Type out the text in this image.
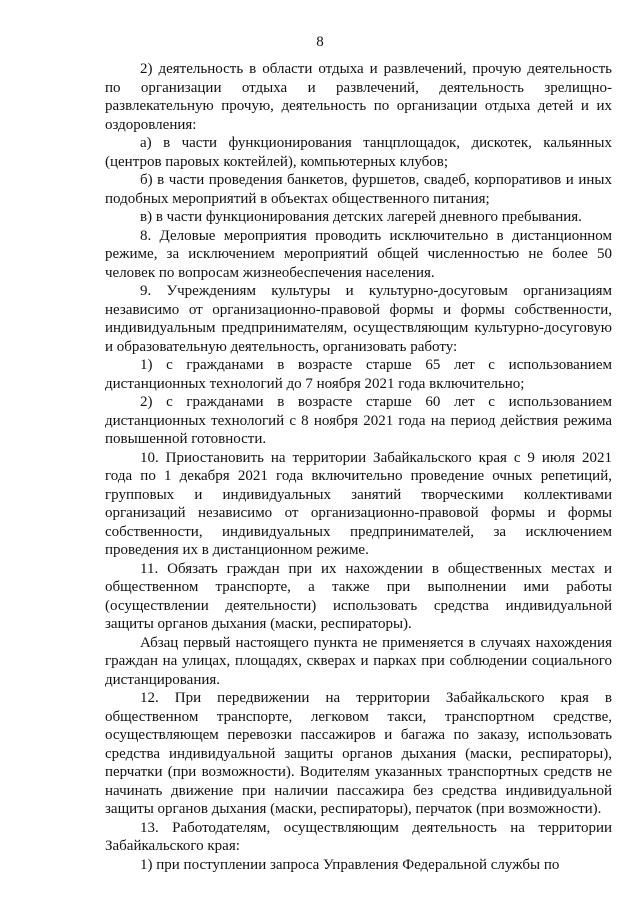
8

2) деятельность в области отдыха и развлечений, прочую деятельность по организации отдыха и развлечений, деятельность зрелищно-развлекательную прочую, деятельность по организации отдыха детей и их оздоровления:

а) в части функционирования танцплощадок, дискотек, кальянных (центров паровых коктейлей), компьютерных клубов;

б) в части проведения банкетов, фуршетов, свадеб, корпоративов и иных подобных мероприятий в объектах общественного питания;

в) в части функционирования детских лагерей дневного пребывания.

8. Деловые мероприятия проводить исключительно в дистанционном режиме, за исключением мероприятий общей численностью не более 50 человек по вопросам жизнеобеспечения населения.

9. Учреждениям культуры и культурно-досуговым организациям независимо от организационно-правовой формы и формы собственности, индивидуальным предпринимателям, осуществляющим культурно-досуговую и образовательную деятельность, организовать работу:

1) с гражданами в возрасте старше 65 лет с использованием дистанционных технологий до 7 ноября 2021 года включительно;

2) с гражданами в возрасте старше 60 лет с использованием дистанционных технологий с 8 ноября 2021 года на период действия режима повышенной готовности.

10. Приостановить на территории Забайкальского края с 9 июля 2021 года по 1 декабря 2021 года включительно проведение очных репетиций, групповых и индивидуальных занятий творческими коллективами организаций независимо от организационно-правовой формы и формы собственности, индивидуальных предпринимателей, за исключением проведения их в дистанционном режиме.

11. Обязать граждан при их нахождении в общественных местах и общественном транспорте, а также при выполнении ими работы (осуществлении деятельности) использовать средства индивидуальной защиты органов дыхания (маски, респираторы).

Абзац первый настоящего пункта не применяется в случаях нахождения граждан на улицах, площадях, скверах и парках при соблюдении социального дистанцирования.

12. При передвижении на территории Забайкальского края в общественном транспорте, легковом такси, транспортном средстве, осуществляющем перевозки пассажиров и багажа по заказу, использовать средства индивидуальной защиты органов дыхания (маски, респираторы), перчатки (при возможности). Водителям указанных транспортных средств не начинать движение при наличии пассажира без средства индивидуальной защиты органов дыхания (маски, респираторы), перчаток (при возможности).

13. Работодателям, осуществляющим деятельность на территории Забайкальского края:

1) при поступлении запроса Управления Федеральной службы по
